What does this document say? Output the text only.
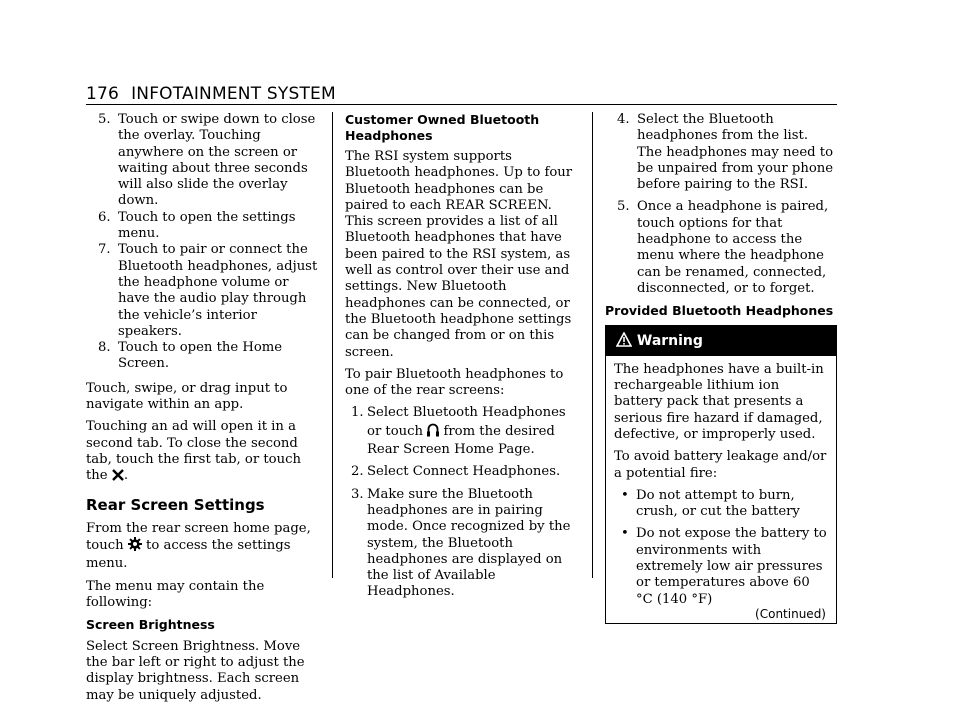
176 INFOTAINMENT SYSTEM
5. Touch or swipe down to close the overlay. Touching anywhere on the screen or waiting about three seconds will also slide the overlay down.
6. Touch to open the settings menu.
7. Touch to pair or connect the Bluetooth headphones, adjust the headphone volume or have the audio play through the vehicle’s interior speakers.
8. Touch to open the Home Screen.

Touch, swipe, or drag input to navigate within an app.

Touching an ad will open it in a second tab. To close the second tab, touch the first tab, or touch the .

Rear Screen Settings

From the rear screen home page, touch to access the settings menu.

The menu may contain the following:

Screen Brightness

Select Screen Brightness. Move the bar left or right to adjust the display brightness. Each screen may be uniquely adjusted.

Customer Owned Bluetooth Headphones

The RSI system supports Bluetooth headphones. Up to four Bluetooth headphones can be paired to each REAR SCREEN. This screen provides a list of all Bluetooth headphones that have been paired to the RSI system, as well as control over their use and settings. New Bluetooth headphones can be connected, or the Bluetooth headphone settings can be changed from or on this screen.

To pair Bluetooth headphones to one of the rear screens:

1. Select Bluetooth Headphones or touch from the desired Rear Screen Home Page.
2. Select Connect Headphones.
3. Make sure the Bluetooth headphones are in pairing mode. Once recognized by the system, the Bluetooth headphones are displayed on the list of Available Headphones.
4. Select the Bluetooth headphones from the list. The headphones may need to be unpaired from your phone before pairing to the RSI.
5. Once a headphone is paired, touch options for that headphone to access the menu where the headphone can be renamed, connected, disconnected, or to forget.
Provided Bluetooth Headphones
Warning

The headphones have a built-in rechargeable lithium ion battery pack that presents a serious fire hazard if damaged, defective, or improperly used.

To avoid battery leakage and/or a potential fire:

• Do not attempt to burn, crush, or cut the battery
• Do not expose the battery to environments with extremely low air pressures or temperatures above 60 °C (140 °F)
(Continued)
